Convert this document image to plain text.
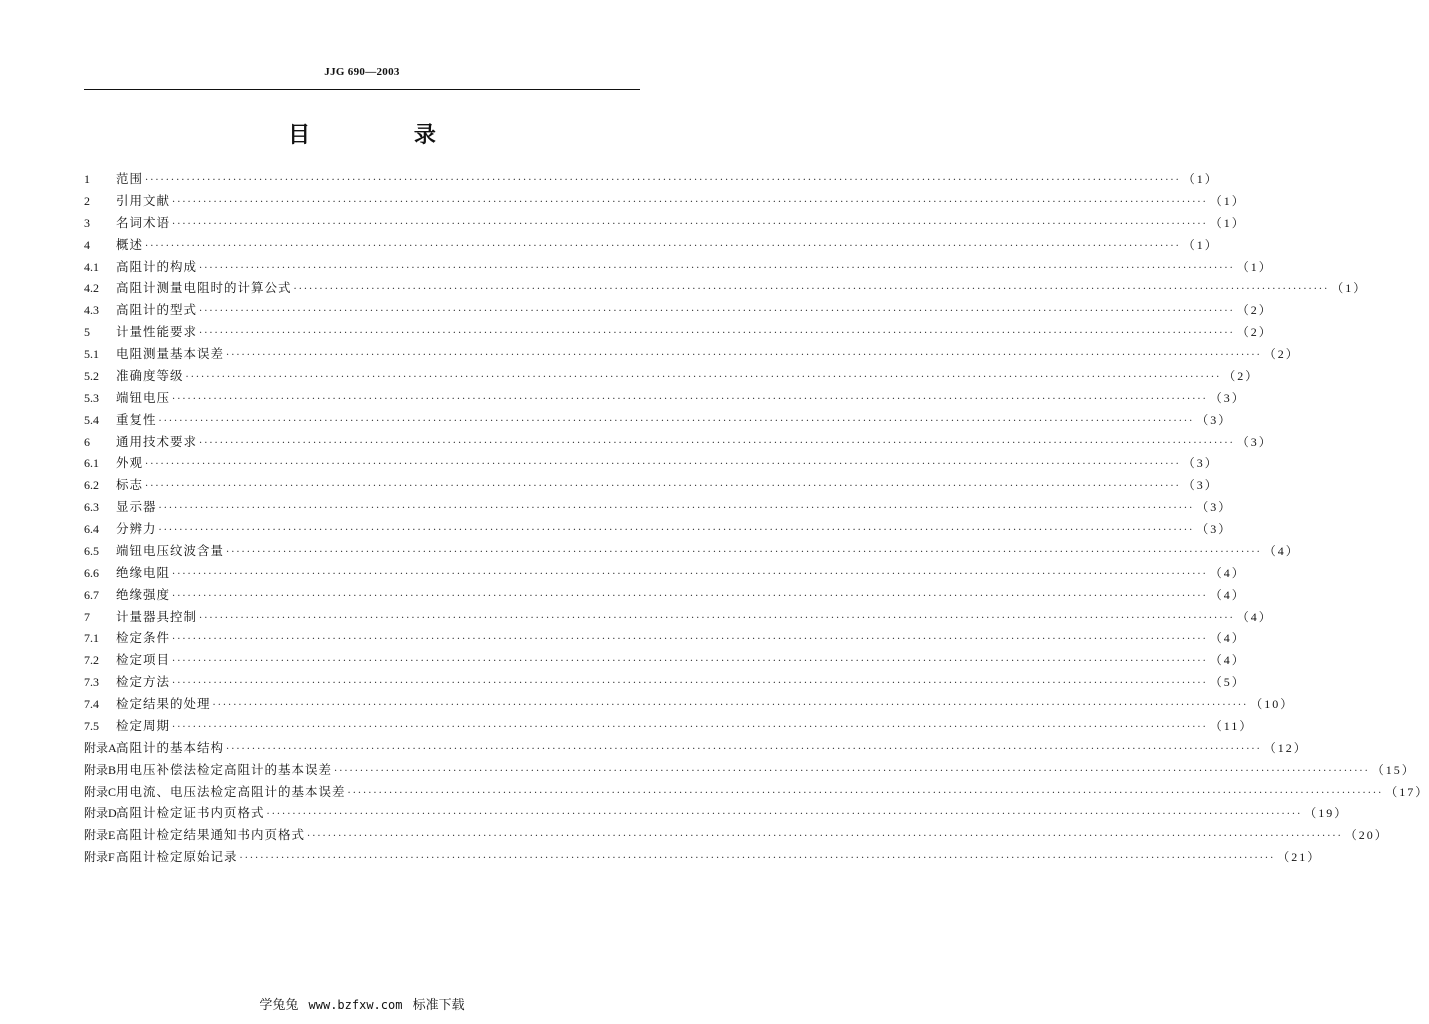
JJG 690—2003
目 录
1	范围 ········································································································································································································ （1）
2	引用文献 ········································································································································································································ （1）
3	名词术语 ········································································································································································································ （1）
4	概述 ········································································································································································································ （1）
4.1	高阻计的构成 ········································································································································································································ （1）
4.2	高阻计测量电阻时的计算公式 ········································································································································································································ （1）
4.3	高阻计的型式 ········································································································································································································ （2）
5	计量性能要求 ········································································································································································································ （2）
5.1	电阻测量基本误差 ········································································································································································································ （2）
5.2	准确度等级 ········································································································································································································ （2）
5.3	端钮电压 ········································································································································································································ （3）
5.4	重复性 ········································································································································································································ （3）
6	通用技术要求 ········································································································································································································ （3）
6.1	外观 ········································································································································································································ （3）
6.2	标志 ········································································································································································································ （3）
6.3	显示器 ········································································································································································································ （3）
6.4	分辨力 ········································································································································································································ （3）
6.5	端钮电压纹波含量 ········································································································································································································ （4）
6.6	绝缘电阻 ········································································································································································································ （4）
6.7	绝缘强度 ········································································································································································································ （4）
7	计量器具控制 ········································································································································································································ （4）
7.1	检定条件 ········································································································································································································ （4）
7.2	检定项目 ········································································································································································································ （4）
7.3	检定方法 ········································································································································································································ （5）
7.4	检定结果的处理 ········································································································································································································ （10）
7.5	检定周期 ········································································································································································································ （11）
附录A 高阻计的基本结构 ········································································································································································································ （12）
附录B 用电压补偿法检定高阻计的基本误差 ········································································································································································································ （15）
附录C 用电流、电压法检定高阻计的基本误差 ········································································································································································································ （17）
附录D 高阻计检定证书内页格式 ········································································································································································································ （19）
附录E 高阻计检定结果通知书内页格式 ········································································································································································································ （20）
附录F 高阻计检定原始记录 ········································································································································································································ （21）
学兔兔 www.bzfxw.com 标准下载
